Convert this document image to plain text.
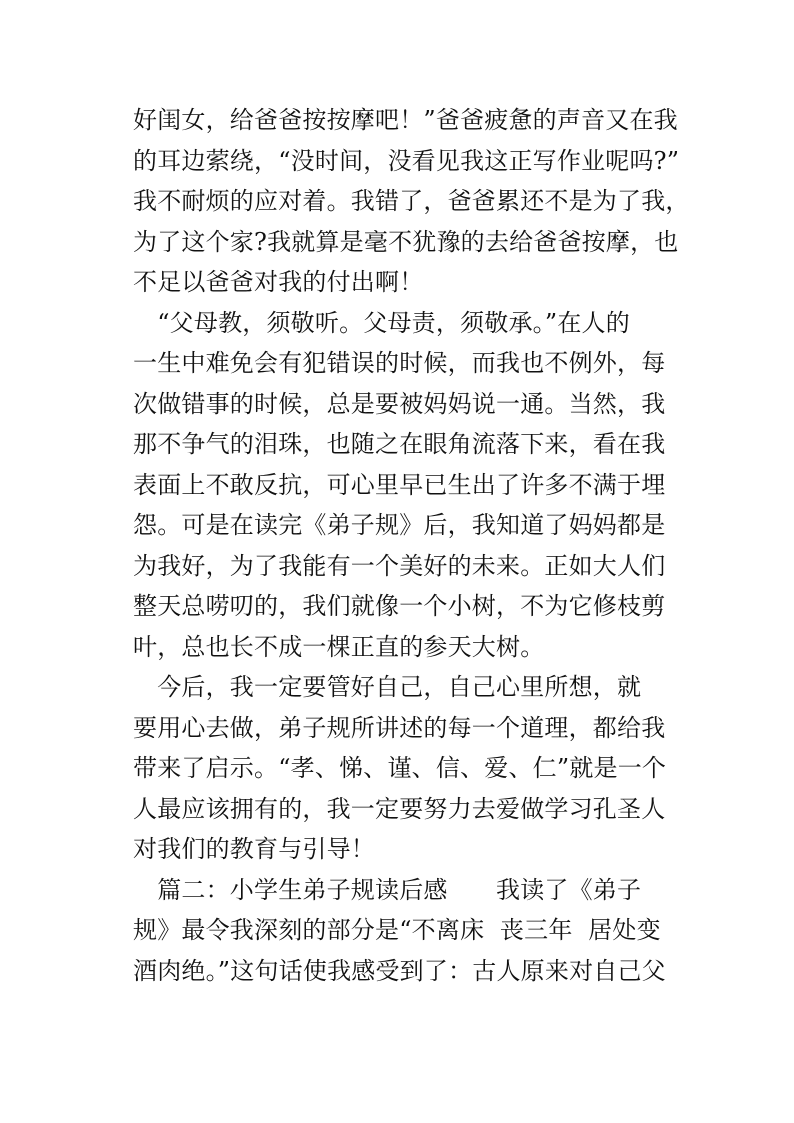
好闺女，给爸爸按按摩吧！”爸爸疲惫的声音又在我
的耳边萦绕，“没时间，没看见我这正写作业呢吗?”
我不耐烦的应对着。我错了，爸爸累还不是为了我，
为了这个家?我就算是毫不犹豫的去给爸爸按摩，也
不足以爸爸对我的付出啊！
　“父母教，须敬听。父母责，须敬承。”在人的
一生中难免会有犯错误的时候，而我也不例外，每
次做错事的时候，总是要被妈妈说一通。当然，我
那不争气的泪珠，也随之在眼角流落下来，看在我
表面上不敢反抗，可心里早已生出了许多不满于埋
怨。可是在读完《弟子规》后，我知道了妈妈都是
为我好，为了我能有一个美好的未来。正如大人们
整天总唠叨的，我们就像一个小树，不为它修枝剪
叶，总也长不成一棵正直的参天大树。
　今后，我一定要管好自己，自己心里所想，就
要用心去做，弟子规所讲述的每一个道理，都给我
带来了启示。“孝、悌、谨、信、爱、仁”就是一个
人最应该拥有的，我一定要努力去爱做学习孔圣人
对我们的教育与引导！
　篇二：小学生弟子规读后感　　我读了《弟子
规》最令我深刻的部分是“不离床  丧三年  居处变
酒肉绝。”这句话使我感受到了：古人原来对自己父
